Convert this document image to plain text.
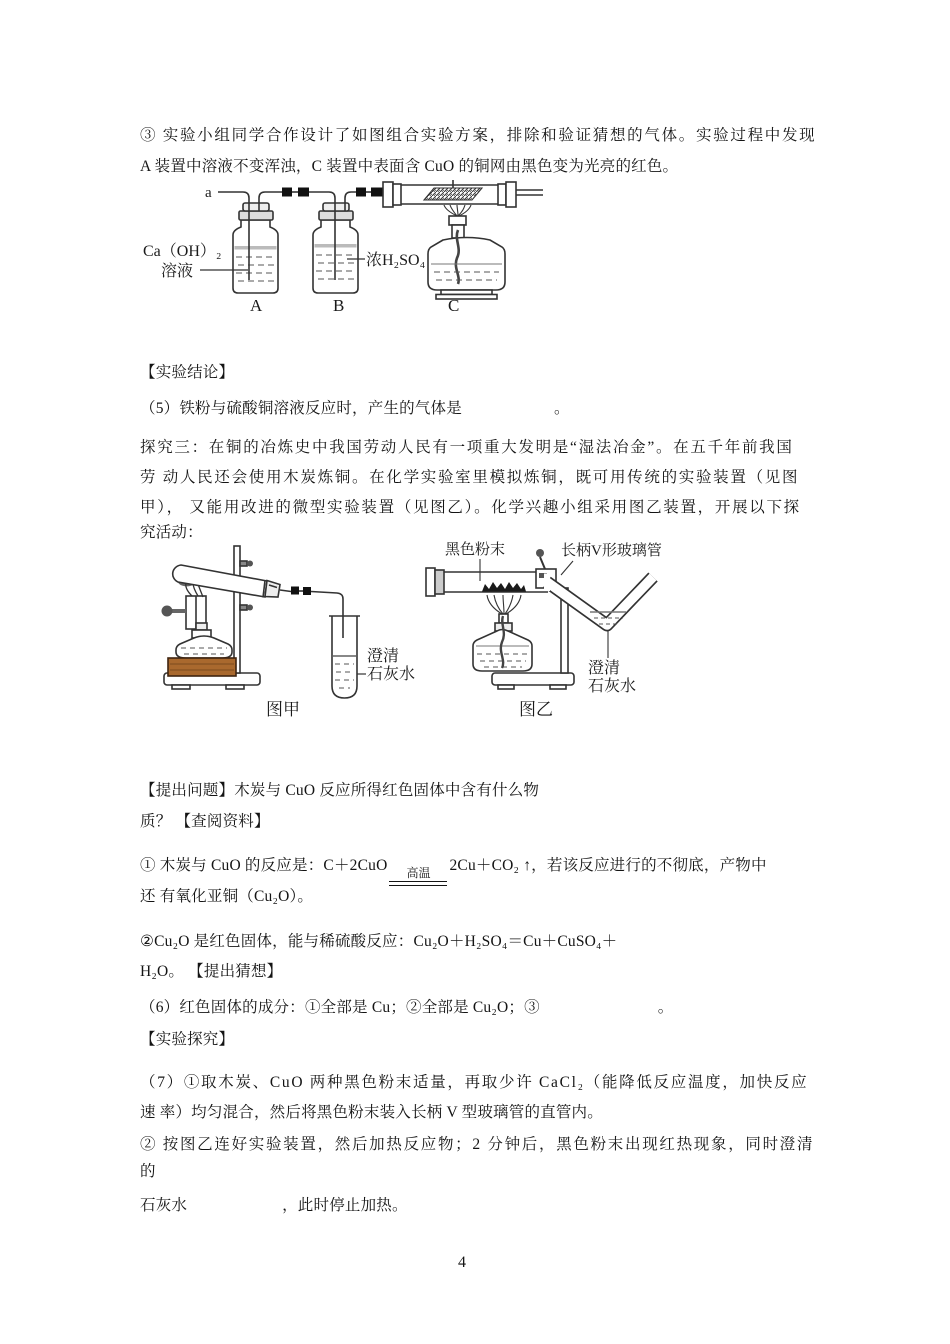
③ 实验小组同学合作设计了如图组合实验方案，排除和验证猜想的气体。实验过程中发现
A 装置中溶液不变浑浊，C 装置中表面含 CuO 的铜网由黑色变为光亮的红色。
【实验结论】
（5）铁粉与硫酸铜溶液反应时，产生的气体是	。
探究三：在铜的冶炼史中我国劳动人民有一项重大发明是“湿法冶金”。在五千年前我国
劳 动人民还会使用木炭炼铜。在化学实验室里模拟炼铜，既可用传统的实验装置（见图
甲）， 又能用改进的微型实验装置（见图乙）。化学兴趣小组采用图乙装置，开展以下探
究活动：
【提出问题】木炭与 CuO 反应所得红色固体中含有什么物
质？ 【查阅资料】
① 木炭与 CuO 的反应是：C＋2CuO	高温	2Cu＋CO₂ ↑，若该反应进行的不彻底，产物中
还 有氧化亚铜（Cu₂O）。
②Cu₂O 是红色固体，能与稀硫酸反应：Cu₂O＋H₂SO₄＝Cu＋CuSO₄＋
H₂O。 【提出猜想】
（6）红色固体的成分：①全部是 Cu；②全部是 Cu₂O；③	。
【实验探究】
（7）①取木炭、CuO 两种黑色粉末适量，再取少许 CaCl₂（能降低反应温度，加快反应
速 率）均匀混合，然后将黑色粉末装入长柄 V 型玻璃管的直管内。
② 按图乙连好实验装置，然后加热反应物；2 分钟后，黑色粉末出现红热现象，同时澄清
的
石灰水	，此时停止加热。
4
a
Ca（OH）₂
溶液
浓H₂SO₄
A	B	C
黑色粉末	长柄V形玻璃管
澄清
石灰水	澄清
石灰水
图甲	图乙
